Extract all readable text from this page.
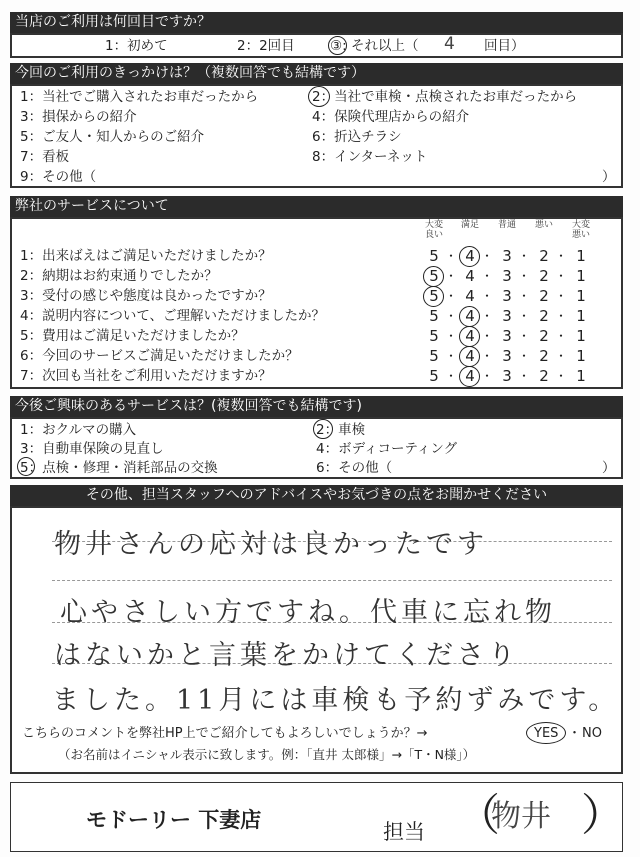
当店のご利用は何回目ですか？
1：初めて	2：2回目	③: それ以上（ 4 回目）
今回のご利用のきっかけは？（複数回答でも結構です）
1：当社でご購入されたお車だったから	2：当社で車検・点検されたお車だったから
3：損保からの紹介	4：保険代理店からの紹介
5：ご友人・知人からのご紹介	6：折込チラシ
7：看板	8：インターネット
9：その他（	）
弊社のサービスについて
大変良い
満足	普通	悪い	大変悪い
1：出来ばえはご満足いただけましたか？	5 ・ 4 ・ 3 ・ 2 ・ 1
2：納期はお約束通りでしたか？	5 ・ 4 ・ 3 ・ 2 ・ 1
3：受付の感じや態度は良かったですか？	5 ・ 4 ・ 3 ・ 2 ・ 1
4：説明内容について、ご理解いただけましたか？	5 ・ 4 ・ 3 ・ 2 ・ 1
5：費用はご満足いただけましたか？	5 ・ 4 ・ 3 ・ 2 ・ 1
6：今回のサービスご満足いただけましたか？	5 ・ 4 ・ 3 ・ 2 ・ 1
7：次回も当社をご利用いただけますか？	5 ・ 4 ・ 3 ・ 2 ・ 1
今後ご興味のあるサービスは？(複数回答でも結構です)
1：おクルマの購入	2：車検
3：自動車保険の見直し	4：ボディコーティング
5：点検・修理・消耗部品の交換	6：その他（	）
その他、担当スタッフへのアドバイスやお気づきの点をお聞かせください
物井さんの応対は良かったです
心やさしい方ですね。代車に忘れ物
はないかと言葉をかけてくださり
ました。11月には車検も予約ずみです。
こちらのコメントを弊社HP上でご紹介してもよろしいでしょうか？→	YES ・ NO
（お名前はイニシャル表示に致します。例：「直井 太郎様」→「T・N様」）
モドーリー 下妻店	担当 （
物井 ）
